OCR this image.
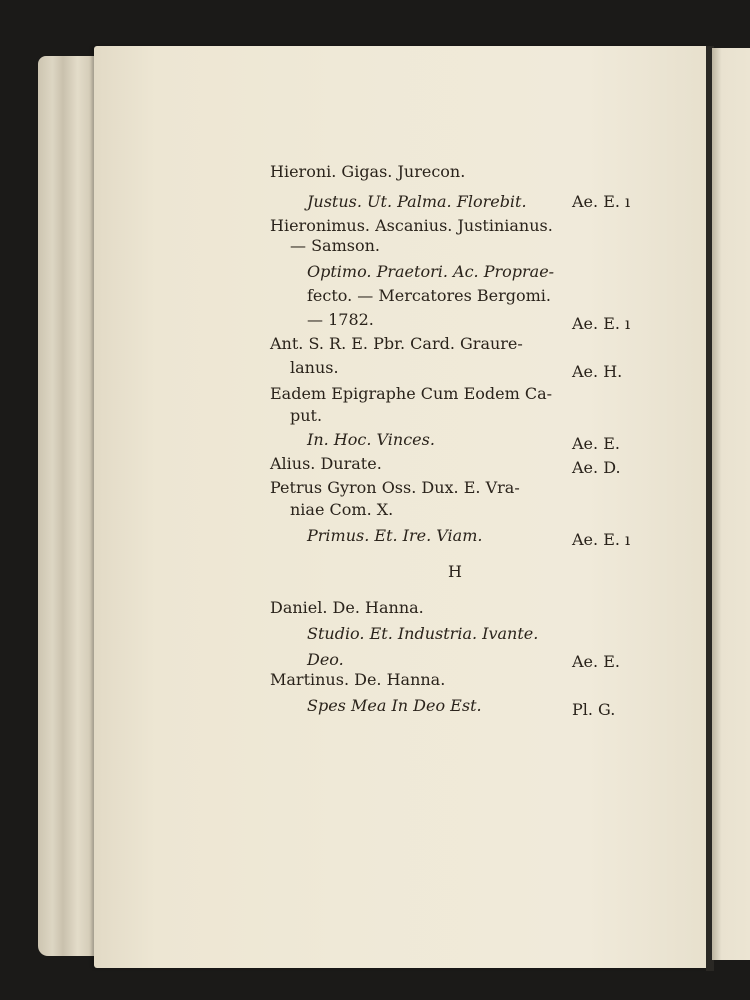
Hieroni. Gigas. Jurecon.
Justus. Ut. Palma. Florebit.	Ae. E. ı
Hieronimus. Ascanius. Justinianus.
— Samson.
Optimo. Praetori. Ac. Proprae-
fecto. — Mercatores Bergomi.
— 1782.	Ae. E. ı
Ant. S. R. E. Pbr. Card. Graure-
lanus.	Ae. H.
Eadem Epigraphe Cum Eodem Ca-
put.
In. Hoc. Vinces.	Ae. E.
Alius. Durate.	Ae. D.
Petrus Gyron Oss. Dux. E. Vra-
niae Com. X.
Primus. Et. Ire. Viam.	Ae. E. ı
H
Daniel. De. Hanna.
Studio. Et. Industria. Ivante.
Deo.	Ae. E.
Martinus. De. Hanna.
Spes Mea In Deo Est.	Pl. G.
